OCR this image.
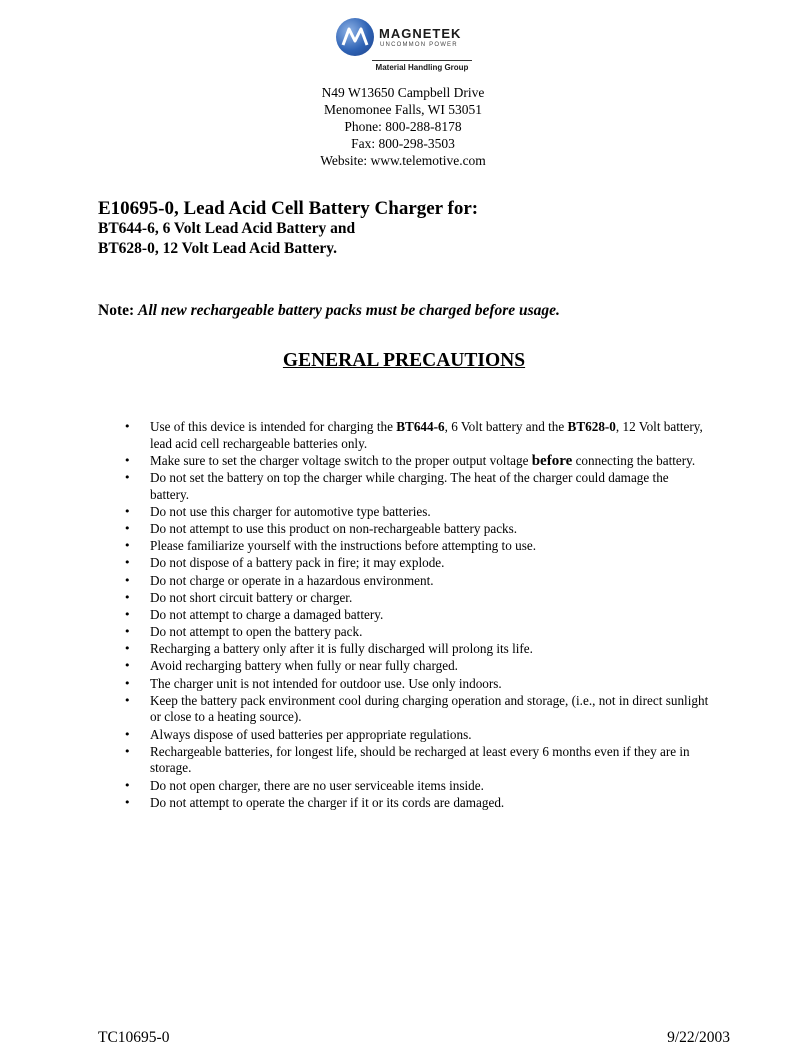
MAGNETEK
UNCOMMON POWER
Material Handling Group
N49 W13650 Campbell Drive
Menomonee Falls, WI 53051
Phone: 800-288-8178
Fax: 800-298-3503
Website: www.telemotive.com
E10695-0, Lead Acid Cell Battery Charger for:
BT644-6, 6 Volt Lead Acid Battery and
BT628-0, 12 Volt Lead Acid Battery.
Note: All new rechargeable battery packs must be charged before usage.
GENERAL PRECAUTIONS
• Use of this device is intended for charging the BT644-6, 6 Volt battery and the BT628-0, 12 Volt battery, lead acid cell rechargeable batteries only.
• Make sure to set the charger voltage switch to the proper output voltage before connecting the battery.
• Do not set the battery on top the charger while charging. The heat of the charger could damage the battery.
• Do not use this charger for automotive type batteries.
• Do not attempt to use this product on non-rechargeable battery packs.
• Please familiarize yourself with the instructions before attempting to use.
• Do not dispose of a battery pack in fire; it may explode.
• Do not charge or operate in a hazardous environment.
• Do not short circuit battery or charger.
• Do not attempt to charge a damaged battery.
• Do not attempt to open the battery pack.
• Recharging a battery only after it is fully discharged will prolong its life.
• Avoid recharging battery when fully or near fully charged.
• The charger unit is not intended for outdoor use. Use only indoors.
• Keep the battery pack environment cool during charging operation and storage, (i.e., not in direct sunlight or close to a heating source).
• Always dispose of used batteries per appropriate regulations.
• Rechargeable batteries, for longest life, should be recharged at least every 6 months even if they are in storage.
• Do not open charger, there are no user serviceable items inside.
• Do not attempt to operate the charger if it or its cords are damaged.
TC10695-0	9/22/2003
